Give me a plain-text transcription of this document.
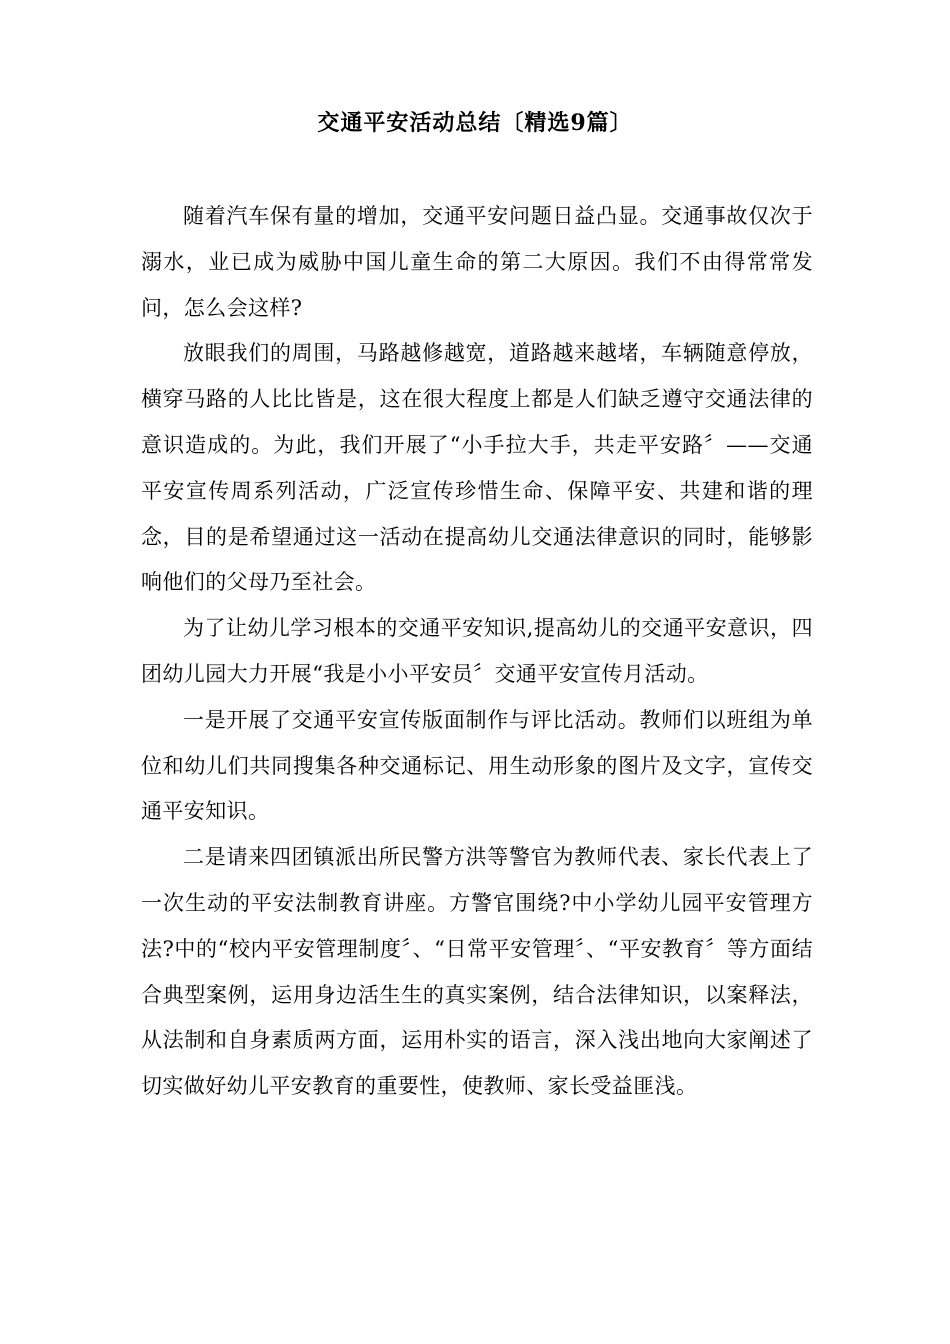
交通平安活动总结〔精选9篇〕

随着汽车保有量的增加，交通平安问题日益凸显。交通事故仅次于溺水，业已成为威胁中国儿童生命的第二大原因。我们不由得常常发问，怎么会这样?

放眼我们的周围，马路越修越宽，道路越来越堵，车辆随意停放，横穿马路的人比比皆是，这在很大程度上都是人们缺乏遵守交通法律的意识造成的。为此，我们开展了“小手拉大手，共走平安路〞——交通平安宣传周系列活动，广泛宣传珍惜生命、保障平安、共建和谐的理念，目的是希望通过这一活动在提高幼儿交通法律意识的同时，能够影响他们的父母乃至社会。

为了让幼儿学习根本的交通平安知识,提高幼儿的交通平安意识，四团幼儿园大力开展“我是小小平安员〞交通平安宣传月活动。

一是开展了交通平安宣传版面制作与评比活动。教师们以班组为单位和幼儿们共同搜集各种交通标记、用生动形象的图片及文字，宣传交通平安知识。

二是请来四团镇派出所民警方洪等警官为教师代表、家长代表上了一次生动的平安法制教育讲座。方警官围绕?中小学幼儿园平安管理方法?中的“校内平安管理制度〞、“日常平安管理〞、“平安教育〞等方面结合典型案例，运用身边活生生的真实案例，结合法律知识，以案释法，从法制和自身素质两方面，运用朴实的语言，深入浅出地向大家阐述了切实做好幼儿平安教育的重要性，使教师、家长受益匪浅。
